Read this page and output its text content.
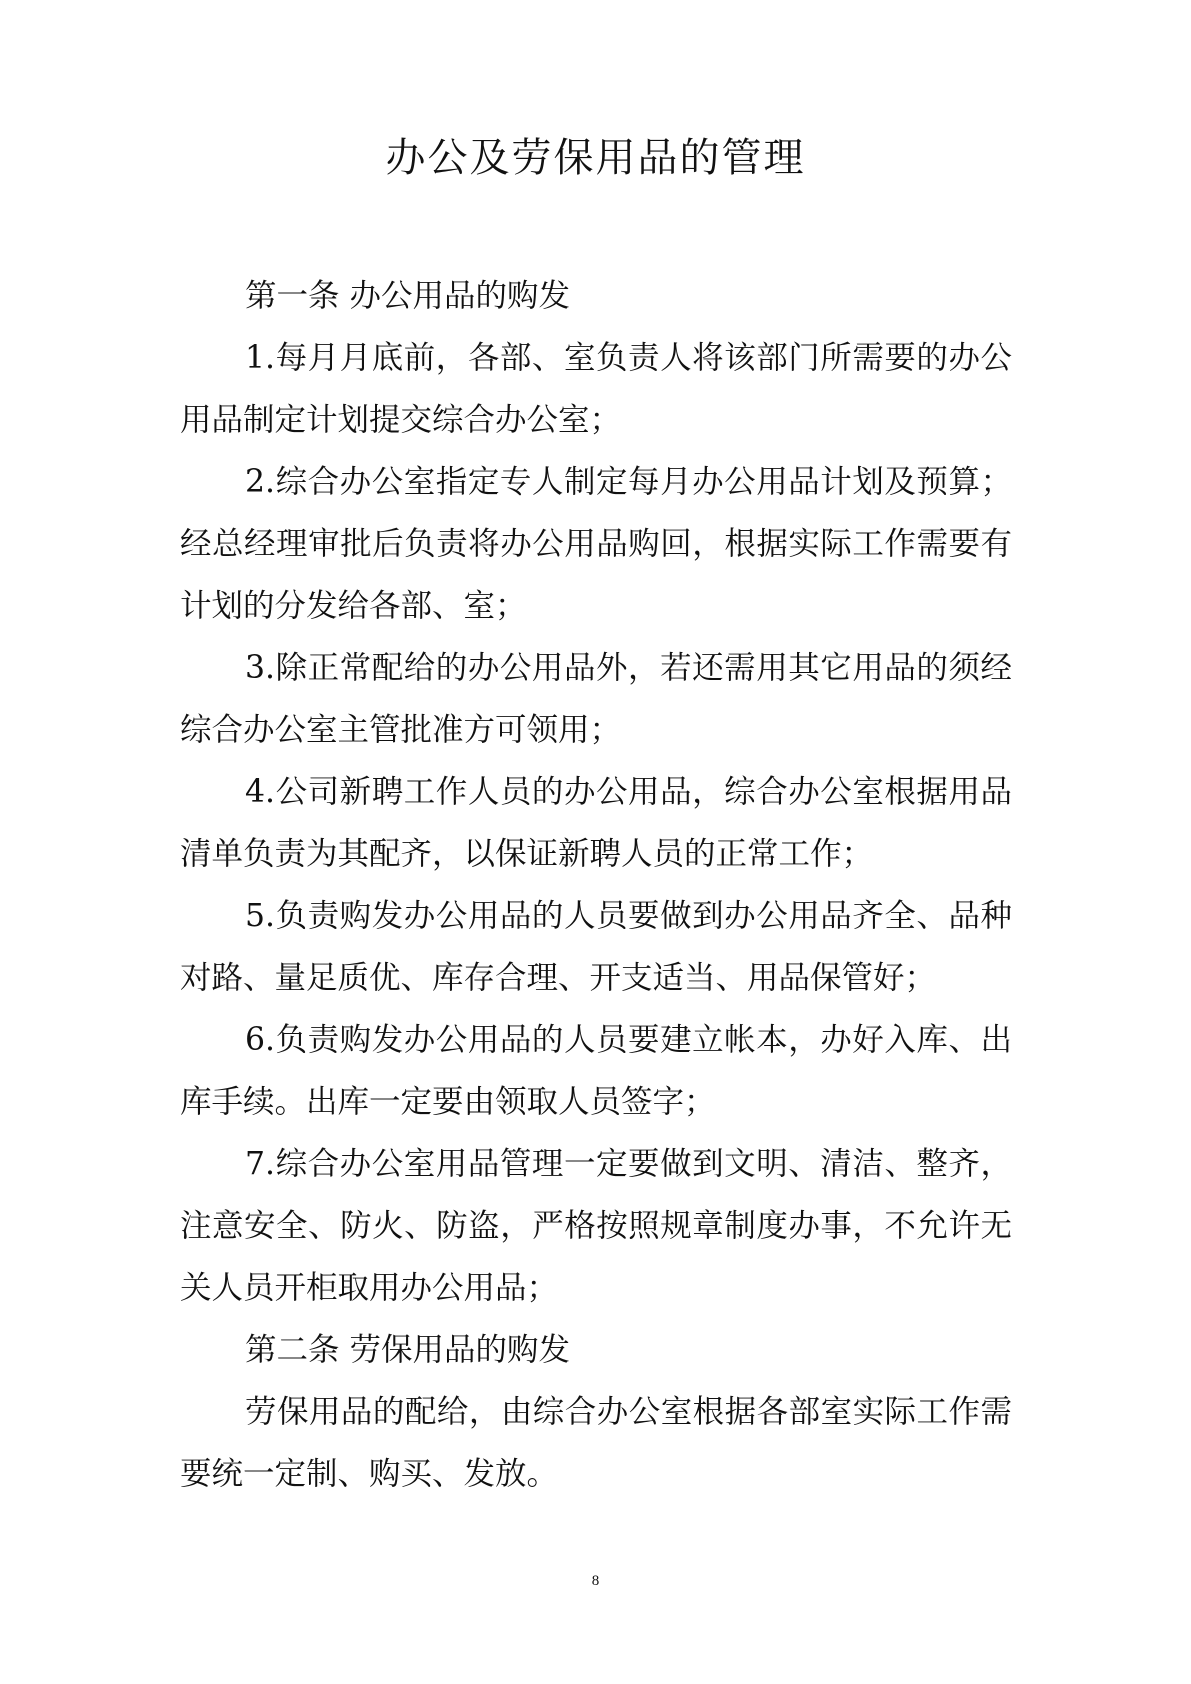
办公及劳保用品的管理

第一条 办公用品的购发

1.每月月底前，各部、室负责人将该部门所需要的办公用品制定计划提交综合办公室；

2.综合办公室指定专人制定每月办公用品计划及预算；经总经理审批后负责将办公用品购回，根据实际工作需要有计划的分发给各部、室；

3.除正常配给的办公用品外，若还需用其它用品的须经综合办公室主管批准方可领用；

4.公司新聘工作人员的办公用品，综合办公室根据用品清单负责为其配齐，以保证新聘人员的正常工作；

5.负责购发办公用品的人员要做到办公用品齐全、品种对路、量足质优、库存合理、开支适当、用品保管好；

6.负责购发办公用品的人员要建立帐本，办好入库、出库手续。出库一定要由领取人员签字；

7.综合办公室用品管理一定要做到文明、清洁、整齐，注意安全、防火、防盗，严格按照规章制度办事，不允许无关人员开柜取用办公用品；

第二条 劳保用品的购发

劳保用品的配给，由综合办公室根据各部室实际工作需要统一定制、购买、发放。

8
